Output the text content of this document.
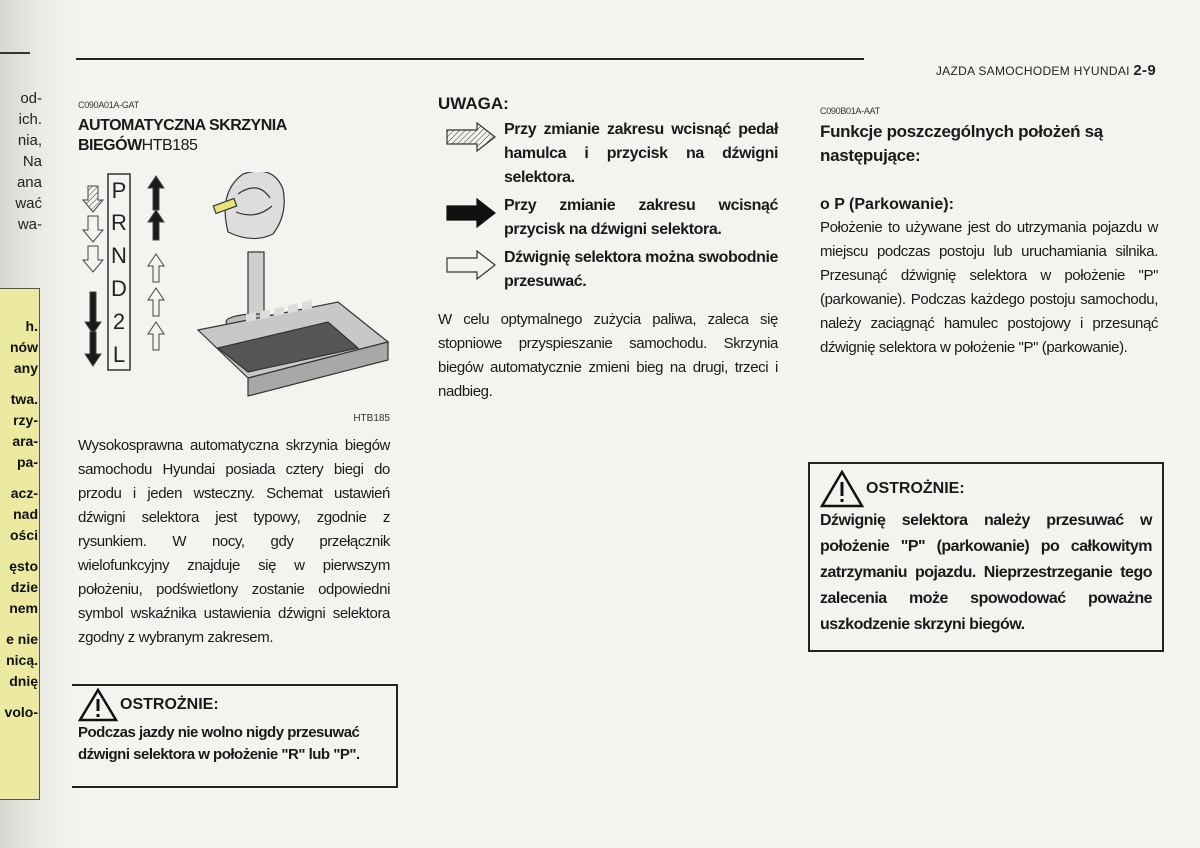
od-
ich.
nia,
Na
ana
wać
wa-
h.
nów
any

twa.
rzy-
ara-
pa-

acz-
nad
ości

ęsto
dzie
nem

e nie
nicą.
dnię

volo-
JAZDA SAMOCHODEM HYUNDAI 2-9
C090A01A-GAT
AUTOMATYCZNA SKRZYNIA
BIEGÓWHTB185
P
R
N
D
2
L
HTB185
Wysokosprawna automatyczna skrzynia biegów samochodu Hyundai posiada cztery biegi do przodu i jeden wsteczny. Schemat ustawień dźwigni selektora jest typowy, zgodnie z rysunkiem. W nocy, gdy przełącznik wielofunkcyjny znajduje się w pierwszym położeniu, podświetlony zostanie odpowiedni symbol wskaźnika ustawienia dźwigni selektora zgodny z wybranym zakresem.
OSTROŻNIE:
Podczas jazdy nie wolno nigdy przesuwać dźwigni selektora w położenie "R" lub "P".
UWAGA:
Przy zmianie zakresu wcisnąć pedał hamulca i przycisk na dźwigni selektora.
Przy zmianie zakresu wcisnąć przycisk na dźwigni selektora.
Dźwignię selektora można swobodnie przesuwać.
W celu optymalnego zużycia paliwa, zaleca się stopniowe przyspieszanie samochodu. Skrzynia biegów automatycznie zmieni bieg na drugi, trzeci i nadbieg.
C090B01A-AAT
Funkcje poszczególnych położeń są następujące:
o P (Parkowanie):
Położenie to używane jest do utrzymania pojazdu w miejscu podczas postoju lub uruchamiania silnika. Przesunąć dźwignię selektora w położenie "P" (parkowanie). Podczas każdego postoju samochodu, należy zaciągnąć hamulec postojowy i przesunąć dźwignię selektora w położenie "P" (parkowanie).
OSTROŻNIE:
Dźwignię selektora należy przesuwać w położenie "P" (parkowanie) po całkowitym zatrzymaniu pojazdu. Nieprzestrzeganie tego zalecenia może spowodować poważne uszkodzenie skrzyni biegów.
